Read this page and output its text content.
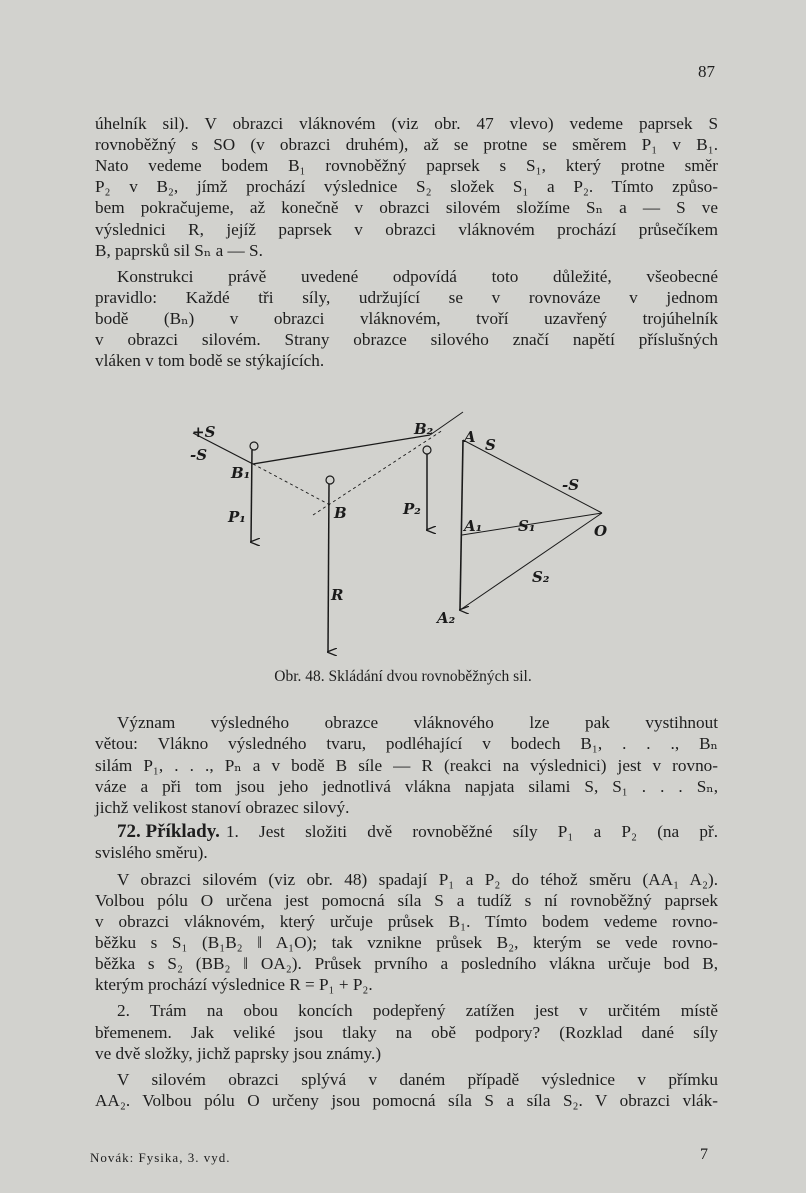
87
úhelník sil). V obrazci vláknovém (viz obr. 47 vlevo) vedeme paprsek S
rovnoběžný s SO (v obrazci druhém), až se protne se směrem P₁ v B₁.
Nato vedeme bodem B₁ rovnoběžný paprsek s S₁, který protne směr
P₂ v B₂, jímž prochází výslednice S₂ složek S₁ a P₂. Tímto způso-
bem pokračujeme, až konečně v obrazci silovém složíme Sₙ a — S ve
výslednici R, jejíž paprsek v obrazci vláknovém prochází průsečíkem
B, paprsků sil Sₙ a — S.
Konstrukci právě uvedené odpovídá toto důležité, všeobecné
pravidlo: Každé tři síly, udržující se v rovnováze v jednom
bodě (Bₙ) v obrazci vláknovém, tvoří uzavřený trojúhelník
v obrazci silovém. Strany obrazce silového značí napětí příslušných
vláken v tom bodě se stýkajících.
+S
-S
B₁
P₁	B
R
B₂
P₂
A S
-S
A₁ S₁	O
S₂
A₂
Obr. 48. Skládání dvou rovnoběžných sil.
Význam výsledného obrazce vláknového lze pak vystihnout
větou: Vlákno výsledného tvaru, podléhající v bodech B₁, . . ., Bₙ
silám P₁, . . ., Pₙ a v bodě B síle — R (reakci na výslednici) jest v rovno-
váze a při tom jsou jeho jednotlivá vlákna napjata silami S, S₁ . . . Sₙ,
jichž velikost stanoví obrazec silový.
72. Příklady. 1. Jest složiti dvě rovnoběžné síly P₁ a P₂ (na př.
svislého směru).
V obrazci silovém (viz obr. 48) spadají P₁ a P₂ do téhož směru (AA₁ A₂).
Volbou pólu O určena jest pomocná síla S a tudíž s ní rovnoběžný paprsek
v obrazci vláknovém, který určuje průsek B₁. Tímto bodem vedeme rovno-
běžku s S₁ (B₁B₂ ‖ A₁O); tak vznikne průsek B₂, kterým se vede rovno-
běžka s S₂ (BB₂ ‖ OA₂). Průsek prvního a posledního vlákna určuje bod B,
kterým prochází výslednice R = P₁ + P₂.
2. Trám na obou koncích podepřený zatížen jest v určitém místě
břemenem. Jak veliké jsou tlaky na obě podpory? (Rozklad dané síly
ve dvě složky, jichž paprsky jsou známy.)
V silovém obrazci splývá v daném případě výslednice v přímku
AA₂. Volbou pólu O určeny jsou pomocná síla S a síla S₂. V obrazci vlák-
Novák: Fysika, 3. vyd.	7
